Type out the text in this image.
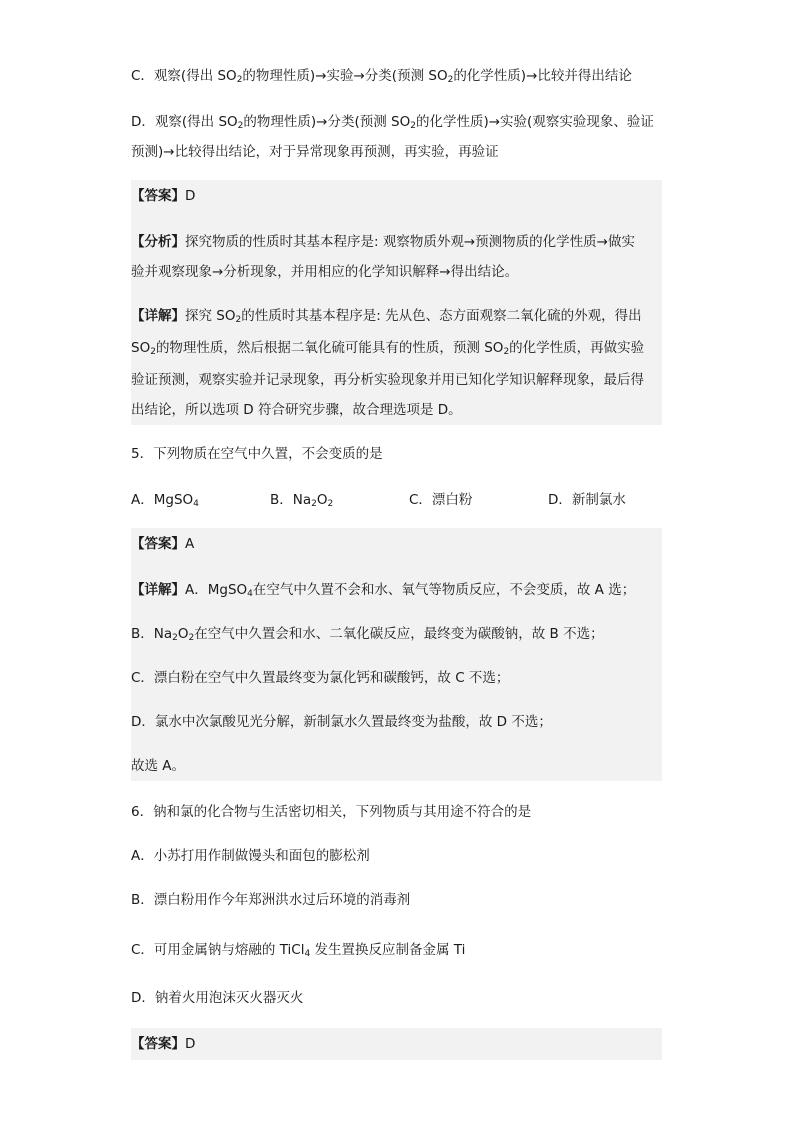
C．观察(得出 $SO_2$的物理性质)→实验→分类(预测 $SO_2$的化学性质)→比较并得出结论
D．观察(得出 $SO_2$的物理性质)→分类(预测 $SO_2$的化学性质)→实验(观察实验现象、验证
预测)→比较得出结论，对于异常现象再预测，再实验，再验证
【答案】D
【分析】探究物质的性质时其基本程序是: 观察物质外观→预测物质的化学性质→做实
验并观察现象→分析现象，并用相应的化学知识解释→得出结论。
【详解】探究 $SO_2$的性质时其基本程序是: 先从色、态方面观察二氧化硫的外观，得出
$SO_2$的物理性质，然后根据二氧化硫可能具有的性质，预测 $SO_2$的化学性质，再做实验
验证预测，观察实验并记录现象，再分析实验现象并用已知化学知识解释现象，最后得
出结论，所以选项 D 符合研究步骤，故合理选项是 D。
5．下列物质在空气中久置，不会变质的是
A．MgSO$_4$	B．$Na_2O_2$	C．漂白粉	D．新制氯水
【答案】A
【详解】A．MgSO$_4$在空气中久置不会和水、氧气等物质反应，不会变质，故 A 选；
B．$Na_2O_2$在空气中久置会和水、二氧化碳反应，最终变为碳酸钠，故 B 不选；
C．漂白粉在空气中久置最终变为氯化钙和碳酸钙，故 C 不选；
D．氯水中次氯酸见光分解，新制氯水久置最终变为盐酸，故 D 不选；
故选 A。
6．钠和氯的化合物与生活密切相关，下列物质与其用途不符合的是
A．小苏打用作制做馒头和面包的膨松剂
B．漂白粉用作今年郑洲洪水过后环境的消毒剂
C．可用金属钠与熔融的 TiCl$_4$ 发生置换反应制备金属 Ti
D．钠着火用泡沫灭火器灭火
【答案】D
